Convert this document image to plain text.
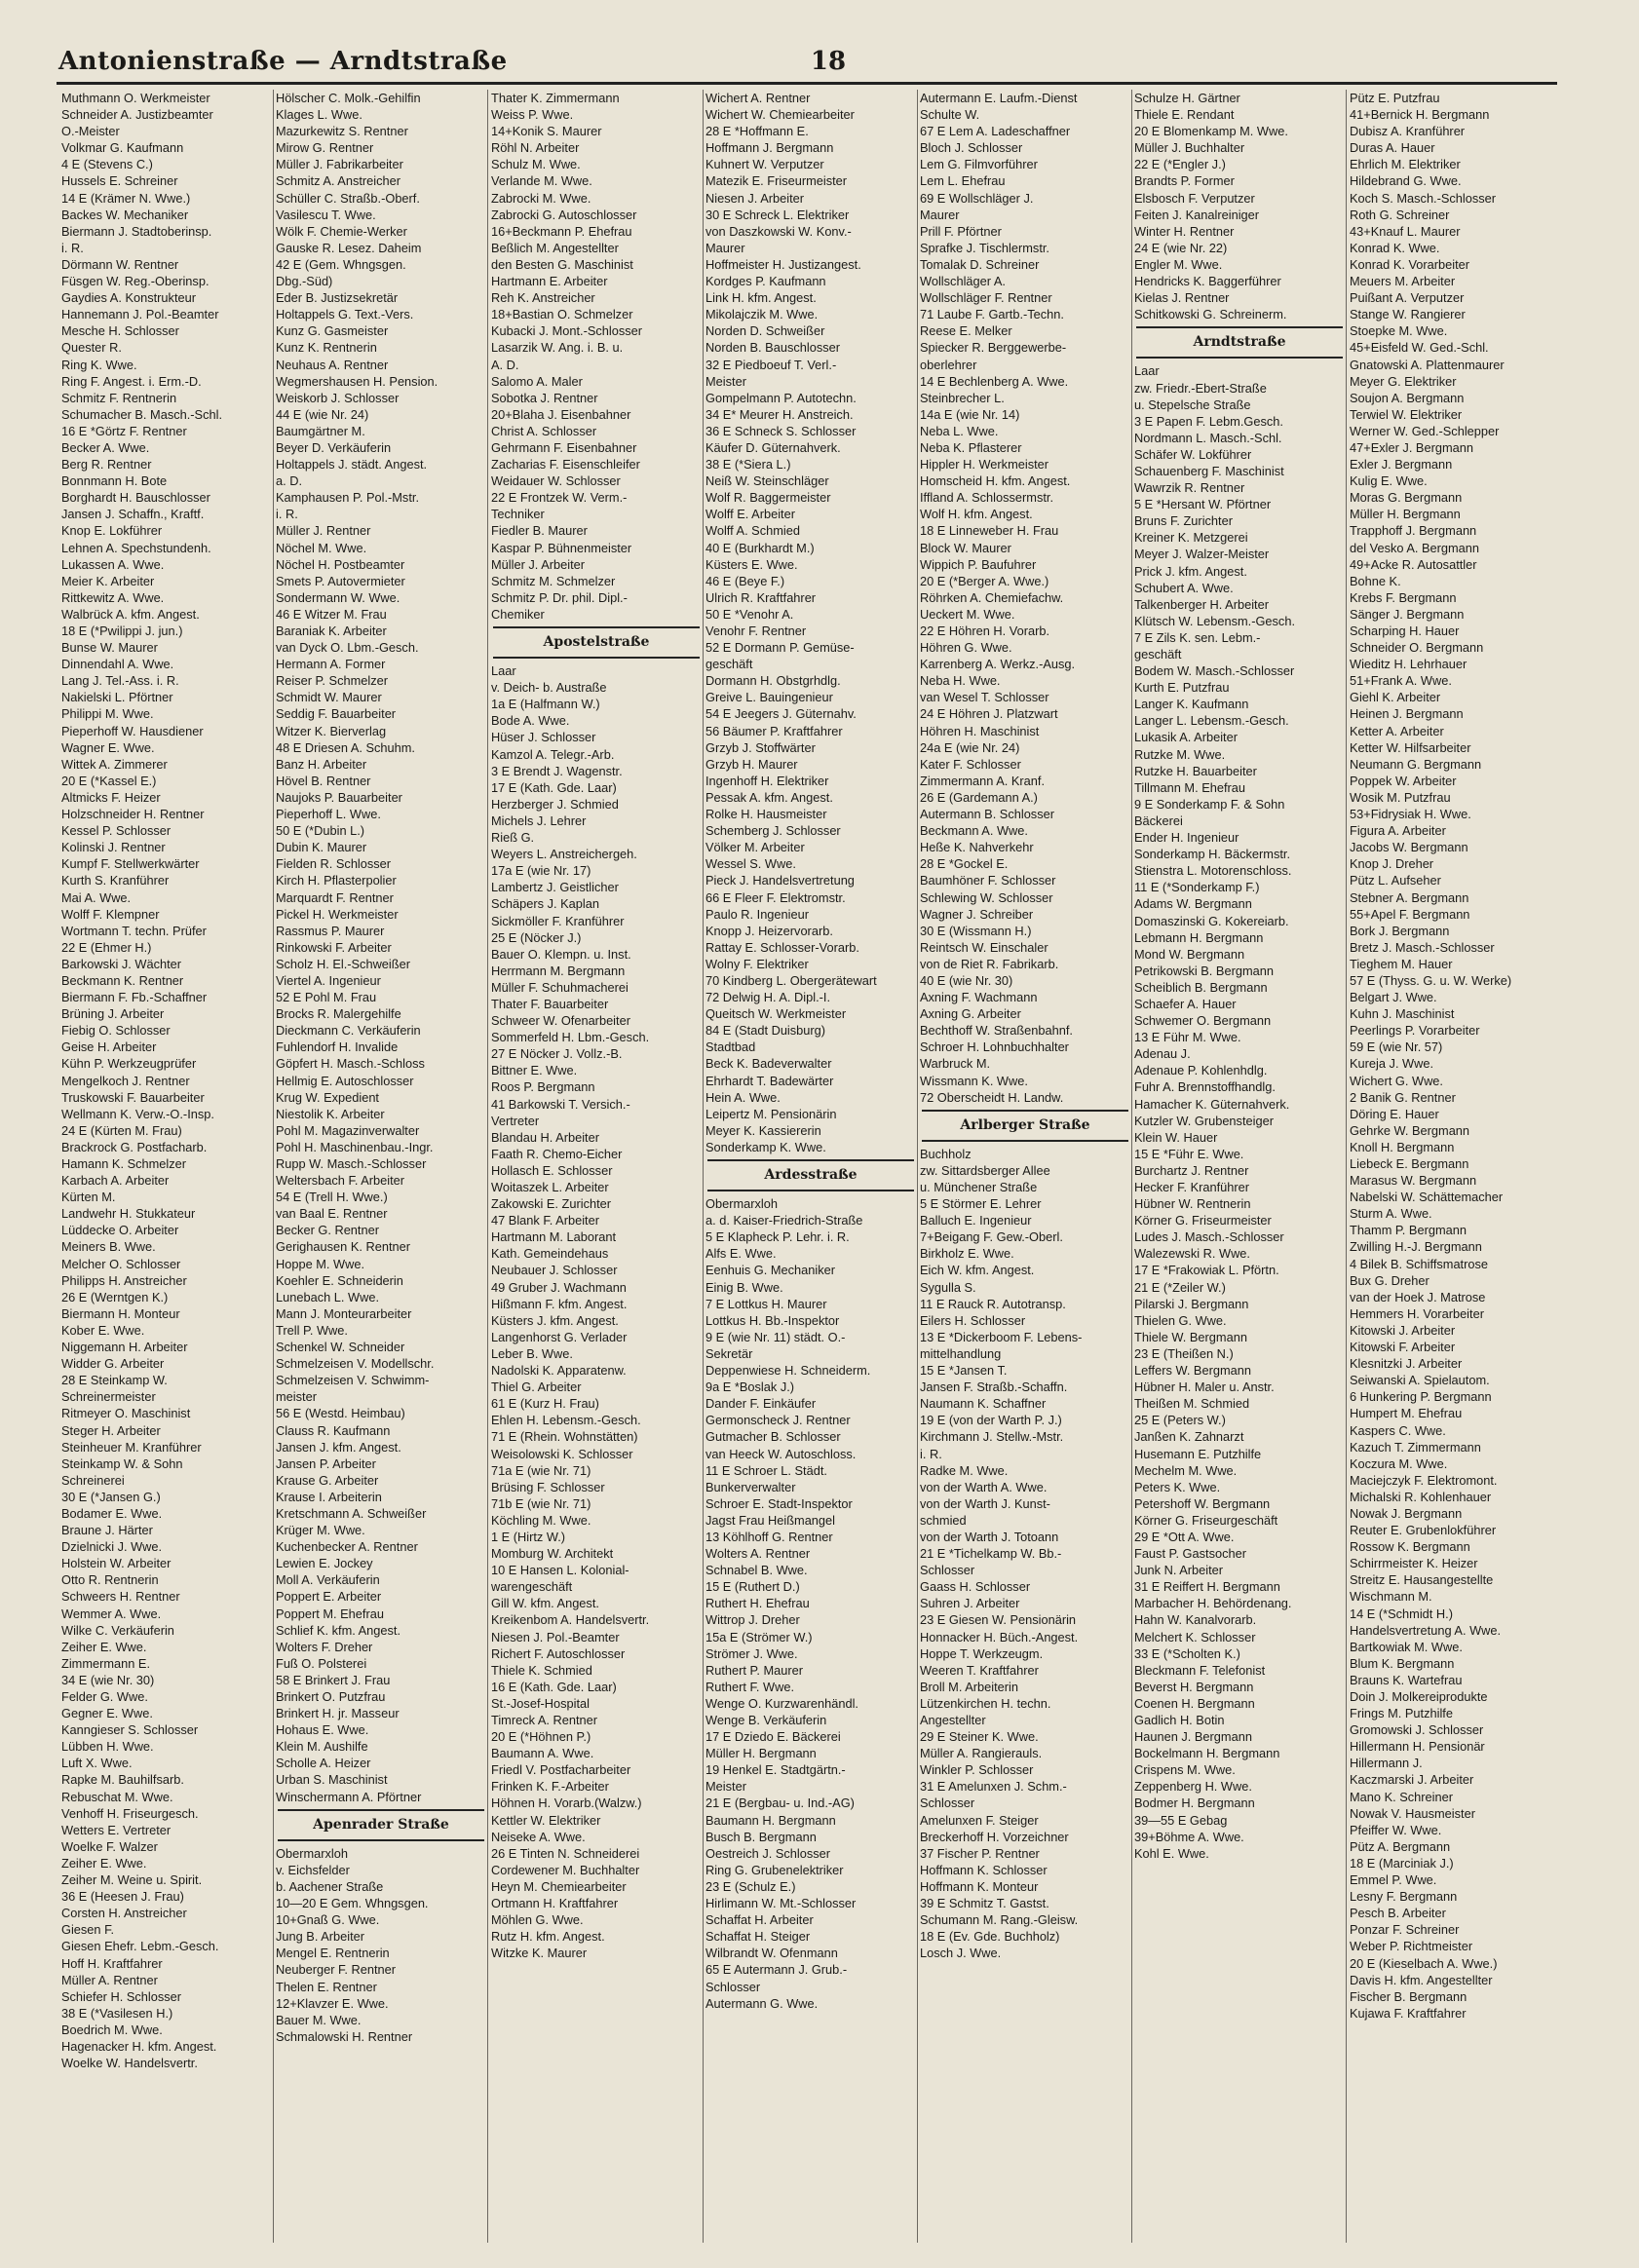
Antonienstraße — Arndtstraße	18
Muthmann O. Werkmeister
Schneider A. Justizbeamter
O.-Meister
Volkmar G. Kaufmann
4 E (Stevens C.)
Hussels E. Schreiner
14 E (Krämer N. Wwe.)
Backes W. Mechaniker
Biermann J. Stadtoberinsp.
i. R.
Dörmann W. Rentner
Füsgen W. Reg.-Oberinsp.
Gaydies A. Konstrukteur
Hannemann J. Pol.-Beamter
Mesche H. Schlosser
Quester R.
Ring K. Wwe.
Ring F. Angest. i. Erm.-D.
Schmitz F. Rentnerin
Schumacher B. Masch.-Schl.
16 E *Görtz F. Rentner
Becker A. Wwe.
Berg R. Rentner
Bonnmann H. Bote
Borghardt H. Bauschlosser
Jansen J. Schaffn., Kraftf.
Knop E. Lokführer
Lehnen A. Spechstundenh.
Lukassen A. Wwe.
Meier K. Arbeiter
Rittkewitz A. Wwe.
Walbrück A. kfm. Angest.
18 E (*Pwilippi J. jun.)
Bunse W. Maurer
Dinnendahl A. Wwe.
Lang J. Tel.-Ass. i. R.
Nakielski L. Pförtner
Philippi M. Wwe.
Pieperhoff W. Hausdiener
Wagner E. Wwe.
Wittek A. Zimmerer
20 E (*Kassel E.)
Altmicks F. Heizer
Holzschneider H. Rentner
Kessel P. Schlosser
Kolinski J. Rentner
Kumpf F. Stellwerkwärter
Kurth S. Kranführer
Mai A. Wwe.
Wolff F. Klempner
Wortmann T. techn. Prüfer
22 E (Ehmer H.)
Barkowski J. Wächter
Beckmann K. Rentner
Biermann F. Fb.-Schaffner
Brüning J. Arbeiter
Fiebig O. Schlosser
Geise H. Arbeiter
Kühn P. Werkzeugprüfer
Mengelkoch J. Rentner
Truskowski F. Bauarbeiter
Wellmann K. Verw.-O.-Insp.
24 E (Kürten M. Frau)
Brackrock G. Postfacharb.
Hamann K. Schmelzer
Karbach A. Arbeiter
Kürten M.
Landwehr H. Stukkateur
Lüddecke O. Arbeiter
Meiners B. Wwe.
Melcher O. Schlosser
Philipps H. Anstreicher
26 E (Werntgen K.)
Biermann H. Monteur
Kober E. Wwe.
Niggemann H. Arbeiter
Widder G. Arbeiter
28 E Steinkamp W.
Schreinermeister
Ritmeyer O. Maschinist
Steger H. Arbeiter
Steinheuer M. Kranführer
Steinkamp W. & Sohn
Schreinerei
30 E (*Jansen G.)
Bodamer E. Wwe.
Braune J. Härter
Dzielnicki J. Wwe.
Holstein W. Arbeiter
Otto R. Rentnerin
Schweers H. Rentner
Wemmer A. Wwe.
Wilke C. Verkäuferin
Zeiher E. Wwe.
Zimmermann E.
34 E (wie Nr. 30)
Felder G. Wwe.
Gegner E. Wwe.
Kanngieser S. Schlosser
Lübben H. Wwe.
Luft X. Wwe.
Rapke M. Bauhilfsarb.
Rebuschat M. Wwe.
Venhoff H. Friseurgesch.
Wetters E. Vertreter
Woelke F. Walzer
Zeiher E. Wwe.
Zeiher M. Weine u. Spirit.
36 E (Heesen J. Frau)
Corsten H. Anstreicher
Giesen F.
Giesen Ehefr. Lebm.-Gesch.
Hoff H. Kraftfahrer
Müller A. Rentner
Schiefer H. Schlosser
38 E (*Vasilesen H.)
Boedrich M. Wwe.
Hagenacker H. kfm. Angest.
Woelke W. Handelsvertr.
Hölscher C. Molk.-Gehilfin
Klages L. Wwe.
Mazurkewitz S. Rentner
Mirow G. Rentner
Müller J. Fabrikarbeiter
Schmitz A. Anstreicher
Schüller C. Straßb.-Oberf.
Vasilescu T. Wwe.
Wölk F. Chemie-Werker
Gauske R. Lesez. Daheim
42 E (Gem. Whngsgen.
Dbg.-Süd)
Eder B. Justizsekretär
Holtappels G. Text.-Vers.
Kunz G. Gasmeister
Kunz K. Rentnerin
Neuhaus A. Rentner
Wegmershausen H. Pension.
Weiskorb J. Schlosser
44 E (wie Nr. 24)
Baumgärtner M.
Beyer D. Verkäuferin
Holtappels J. städt. Angest.
a. D.
Kamphausen P. Pol.-Mstr.
i. R.
Müller J. Rentner
Nöchel M. Wwe.
Nöchel H. Postbeamter
Smets P. Autovermieter
Sondermann W. Wwe.
46 E Witzer M. Frau
Baraniak K. Arbeiter
van Dyck O. Lbm.-Gesch.
Hermann A. Former
Reiser P. Schmelzer
Schmidt W. Maurer
Seddig F. Bauarbeiter
Witzer K. Bierverlag
48 E Driesen A. Schuhm.
Banz H. Arbeiter
Hövel B. Rentner
Naujoks P. Bauarbeiter
Pieperhoff L. Wwe.
50 E (*Dubin L.)
Dubin K. Maurer
Fielden R. Schlosser
Kirch H. Pflasterpolier
Marquardt F. Rentner
Pickel H. Werkmeister
Rassmus P. Maurer
Rinkowski F. Arbeiter
Scholz H. El.-Schweißer
Viertel A. Ingenieur
52 E Pohl M. Frau
Brocks R. Malergehilfe
Dieckmann C. Verkäuferin
Fuhlendorf H. Invalide
Göpfert H. Masch.-Schloss
Hellmig E. Autoschlosser
Krug W. Expedient
Niestolik K. Arbeiter
Pohl M. Magazinverwalter
Pohl H. Maschinenbau.-Ingr.
Rupp W. Masch.-Schlosser
Weltersbach F. Arbeiter
54 E (Trell H. Wwe.)
van Baal E. Rentner
Becker G. Rentner
Gerighausen K. Rentner
Hoppe M. Wwe.
Koehler E. Schneiderin
Lunebach L. Wwe.
Mann J. Monteurarbeiter
Trell P. Wwe.
Schenkel W. Schneider
Schmelzeisen V. Modellschr.
Schmelzeisen V. Schwimm-
meister
56 E (Westd. Heimbau)
Clauss R. Kaufmann
Jansen J. kfm. Angest.
Jansen P. Arbeiter
Krause G. Arbeiter
Krause I. Arbeiterin
Kretschmann A. Schweißer
Krüger M. Wwe.
Kuchenbecker A. Rentner
Lewien E. Jockey
Moll A. Verkäuferin
Poppert E. Arbeiter
Poppert M. Ehefrau
Schlief K. kfm. Angest.
Wolters F. Dreher
Fuß O. Polsterei
58 E Brinkert J. Frau
Brinkert O. Putzfrau
Brinkert H. jr. Masseur
Hohaus E. Wwe.
Klein M. Aushilfe
Scholle A. Heizer
Urban S. Maschinist
Winschermann A. Pförtner
Apenrader Straße
Obermarxloh
v. Eichsfelder
b. Aachener Straße
10—20 E Gem. Whngsgen.
10+Gnaß G. Wwe.
Jung B. Arbeiter
Mengel E. Rentnerin
Neuberger F. Rentner
Thelen E. Rentner
12+Klavzer E. Wwe.
Bauer M. Wwe.
Schmalowski H. Rentner
Thater K. Zimmermann
Weiss P. Wwe.
14+Konik S. Maurer
Röhl N. Arbeiter
Schulz M. Wwe.
Verlande M. Wwe.
Zabrocki M. Wwe.
Zabrocki G. Autoschlosser
16+Beckmann P. Ehefrau
Beßlich M. Angestellter
den Besten G. Maschinist
Hartmann E. Arbeiter
Reh K. Anstreicher
18+Bastian O. Schmelzer
Kubacki J. Mont.-Schlosser
Lasarzik W. Ang. i. B. u.
A. D.
Salomo A. Maler
Sobotka J. Rentner
20+Blaha J. Eisenbahner
Christ A. Schlosser
Gehrmann F. Eisenbahner
Zacharias F. Eisenschleifer
Weidauer W. Schlosser
22 E Frontzek W. Verm.-
Techniker
Fiedler B. Maurer
Kaspar P. Bühnenmeister
Müller J. Arbeiter
Schmitz M. Schmelzer
Schmitz P. Dr. phil. Dipl.-
Chemiker
Apostelstraße
Laar
v. Deich- b. Austraße
1a E (Halfmann W.)
Bode A. Wwe.
Hüser J. Schlosser
Kamzol A. Telegr.-Arb.
3 E Brendt J. Wagenstr.
17 E (Kath. Gde. Laar)
Herzberger J. Schmied
Michels J. Lehrer
Rieß G.
Weyers L. Anstreichergeh.
17a E (wie Nr. 17)
Lambertz J. Geistlicher
Schäpers J. Kaplan
Sickmöller F. Kranführer
25 E (Nöcker J.)
Bauer O. Klempn. u. Inst.
Herrmann M. Bergmann
Müller F. Schuhmacherei
Thater F. Bauarbeiter
Schweer W. Ofenarbeiter
Sommerfeld H. Lbm.-Gesch.
27 E Nöcker J. Vollz.-B.
Bittner E. Wwe.
Roos P. Bergmann
41 Barkowski T. Versich.-
Vertreter
Blandau H. Arbeiter
Faath R. Chemo-Eicher
Hollasch E. Schlosser
Woitaszek L. Arbeiter
Zakowski E. Zurichter
47 Blank F. Arbeiter
Hartmann M. Laborant
Kath. Gemeindehaus
Neubauer J. Schlosser
49 Gruber J. Wachmann
Hißmann F. kfm. Angest.
Küsters J. kfm. Angest.
Langenhorst G. Verlader
Leber B. Wwe.
Nadolski K. Apparatenw.
Thiel G. Arbeiter
61 E (Kurz H. Frau)
Ehlen H. Lebensm.-Gesch.
71 E (Rhein. Wohnstätten)
Weisolowski K. Schlosser
71a E (wie Nr. 71)
Brüsing F. Schlosser
71b E (wie Nr. 71)
Köchling M. Wwe.
1 E (Hirtz W.)
Momburg W. Architekt
10 E Hansen L. Kolonial-
warengeschäft
Gill W. kfm. Angest.
Kreikenbom A. Handelsvertr.
Niesen J. Pol.-Beamter
Richert F. Autoschlosser
Thiele K. Schmied
16 E (Kath. Gde. Laar)
St.-Josef-Hospital
Timreck A. Rentner
20 E (*Höhnen P.)
Baumann A. Wwe.
Friedl V. Postfacharbeiter
Frinken K. F.-Arbeiter
Höhnen H. Vorarb.(Walzw.)
Kettler W. Elektriker
Neiseke A. Wwe.
26 E Tinten N. Schneiderei
Cordewener M. Buchhalter
Heyn M. Chemiearbeiter
Ortmann H. Kraftfahrer
Möhlen G. Wwe.
Rutz H. kfm. Angest.
Witzke K. Maurer
Wichert A. Rentner
Wichert W. Chemiearbeiter
28 E *Hoffmann E.
Hoffmann J. Bergmann
Kuhnert W. Verputzer
Matezik E. Friseurmeister
Niesen J. Arbeiter
30 E Schreck L. Elektriker
von Daszkowski W. Konv.-
Maurer
Hoffmeister H. Justizangest.
Kordges P. Kaufmann
Link H. kfm. Angest.
Mikolajczik M. Wwe.
Norden D. Schweißer
Norden B. Bauschlosser
32 E Piedboeuf T. Verl.-
Meister
Gompelmann P. Autotechn.
34 E* Meurer H. Anstreich.
36 E Schneck S. Schlosser
Käufer D. Güternahverk.
38 E (*Siera L.)
Neiß W. Steinschläger
Wolf R. Baggermeister
Wolff E. Arbeiter
Wolff A. Schmied
40 E (Burkhardt M.)
Küsters E. Wwe.
46 E (Beye F.)
Ulrich R. Kraftfahrer
50 E *Venohr A.
Venohr F. Rentner
52 E Dormann P. Gemüse-
geschäft
Dormann H. Obstgrhdlg.
Greive L. Bauingenieur
54 E Jeegers J. Güternahv.
56 Bäumer P. Kraftfahrer
Grzyb J. Stoffwärter
Grzyb H. Maurer
Ingenhoff H. Elektriker
Pessak A. kfm. Angest.
Rolke H. Hausmeister
Schemberg J. Schlosser
Völker M. Arbeiter
Wessel S. Wwe.
Pieck J. Handelsvertretung
66 E Fleer F. Elektromstr.
Paulo R. Ingenieur
Knopp J. Heizervorarb.
Rattay E. Schlosser-Vorarb.
Wolny F. Elektriker
70 Kindberg L. Obergerätewart
72 Delwig H. A. Dipl.-I.
Queitsch W. Werkmeister
84 E (Stadt Duisburg)
Stadtbad
Beck K. Badeverwalter
Ehrhardt T. Badewärter
Hein A. Wwe.
Leipertz M. Pensionärin
Meyer K. Kassiererin
Sonderkamp K. Wwe.
Ardesstraße
Obermarxloh
a. d. Kaiser-Friedrich-Straße
5 E Klapheck P. Lehr. i. R.
Alfs E. Wwe.
Eenhuis G. Mechaniker
Einig B. Wwe.
7 E Lottkus H. Maurer
Lottkus H. Bb.-Inspektor
9 E (wie Nr. 11) städt. O.-
Sekretär
Deppenwiese H. Schneiderm.
9a E *Boslak J.)
Dander F. Einkäufer
Germonscheck J. Rentner
Gutmacher B. Schlosser
van Heeck W. Autoschloss.
11 E Schroer L. Städt.
Bunkerverwalter
Schroer E. Stadt-Inspektor
Jagst Frau Heißmangel
13 Köhlhoff G. Rentner
Wolters A. Rentner
Schnabel B. Wwe.
15 E (Ruthert D.)
Ruthert H. Ehefrau
Wittrop J. Dreher
15a E (Strömer W.)
Strömer J. Wwe.
Ruthert P. Maurer
Ruthert F. Wwe.
Wenge O. Kurzwarenhändl.
Wenge B. Verkäuferin
17 E Dziedo E. Bäckerei
Müller H. Bergmann
19 Henkel E. Stadtgärtn.-
Meister
21 E (Bergbau- u. Ind.-AG)
Baumann H. Bergmann
Busch B. Bergmann
Oestreich J. Schlosser
Ring G. Grubenelektriker
23 E (Schulz E.)
Hirlimann W. Mt.-Schlosser
Schaffat H. Arbeiter
Schaffat H. Steiger
Wilbrandt W. Ofenmann
65 E Autermann J. Grub.-
Schlosser
Autermann G. Wwe.
Autermann E. Laufm.-Dienst
Schulte W.
67 E Lem A. Ladeschaffner
Bloch J. Schlosser
Lem G. Filmvorführer
Lem L. Ehefrau
69 E Wollschläger J.
Maurer
Prill F. Pförtner
Sprafke J. Tischlermstr.
Tomalak D. Schreiner
Wollschläger A.
Wollschläger F. Rentner
71 Laube F. Gartb.-Techn.
Reese E. Melker
Spiecker R. Berggewerbe-
oberlehrer
14 E Bechlenberg A. Wwe.
Steinbrecher L.
14a E (wie Nr. 14)
Neba L. Wwe.
Neba K. Pflasterer
Hippler H. Werkmeister
Homscheid H. kfm. Angest.
Iffland A. Schlossermstr.
Wolf H. kfm. Angest.
18 E Linneweber H. Frau
Block W. Maurer
Wippich P. Baufuhrer
20 E (*Berger A. Wwe.)
Röhrken A. Chemiefachw.
Ueckert M. Wwe.
22 E Höhren H. Vorarb.
Höhren G. Wwe.
Karrenberg A. Werkz.-Ausg.
Neba H. Wwe.
van Wesel T. Schlosser
24 E Höhren J. Platzwart
Höhren H. Maschinist
24a E (wie Nr. 24)
Kater F. Schlosser
Zimmermann A. Kranf.
26 E (Gardemann A.)
Autermann B. Schlosser
Beckmann A. Wwe.
Heße K. Nahverkehr
28 E *Gockel E.
Baumhöner F. Schlosser
Schlewing W. Schlosser
Wagner J. Schreiber
30 E (Wissmann H.)
Reintsch W. Einschaler
von de Riet R. Fabrikarb.
40 E (wie Nr. 30)
Axning F. Wachmann
Axning G. Arbeiter
Bechthoff W. Straßenbahnf.
Schroer H. Lohnbuchhalter
Warbruck M.
Wissmann K. Wwe.
72 Oberscheidt H. Landw.
Arlberger Straße
Buchholz
zw. Sittardsberger Allee
u. Münchener Straße
5 E Störmer E. Lehrer
Balluch E. Ingenieur
7+Beigang F. Gew.-Oberl.
Birkholz E. Wwe.
Eich W. kfm. Angest.
Sygulla S.
11 E Rauck R. Autotransp.
Eilers H. Schlosser
13 E *Dickerboom F. Lebens-
mittelhandlung
15 E *Jansen T.
Jansen F. Straßb.-Schaffn.
Naumann K. Schaffner
19 E (von der Warth P. J.)
Kirchmann J. Stellw.-Mstr.
i. R.
Radke M. Wwe.
von der Warth A. Wwe.
von der Warth J. Kunst-
schmied
von der Warth J. Totoann
21 E *Tichelkamp W. Bb.-
Schlosser
Gaass H. Schlosser
Suhren J. Arbeiter
23 E Giesen W. Pensionärin
Honnacker H. Büch.-Angest.
Hoppe T. Werkzeugm.
Weeren T. Kraftfahrer
Broll M. Arbeiterin
Lützenkirchen H. techn.
Angestellter
29 E Steiner K. Wwe.
Müller A. Rangierauls.
Winkler P. Schlosser
31 E Amelunxen J. Schm.-
Schlosser
Amelunxen F. Steiger
Breckerhoff H. Vorzeichner
37 Fischer P. Rentner
Hoffmann K. Schlosser
Hoffmann K. Monteur
39 E Schmitz T. Gastst.
Schumann M. Rang.-Gleisw.
18 E (Ev. Gde. Buchholz)
Losch J. Wwe.
Schulze H. Gärtner
Thiele E. Rendant
20 E Blomenkamp M. Wwe.
Müller J. Buchhalter
22 E (*Engler J.)
Brandts P. Former
Elsbosch F. Verputzer
Feiten J. Kanalreiniger
Winter H. Rentner
24 E (wie Nr. 22)
Engler M. Wwe.
Hendricks K. Baggerführer
Kielas J. Rentner
Schitkowski G. Schreinerm.
Arndtstraße
Laar
zw. Friedr.-Ebert-Straße
u. Stepelsche Straße
3 E Papen F. Lebm.Gesch.
Nordmann L. Masch.-Schl.
Schäfer W. Lokführer
Schauenberg F. Maschinist
Wawrzik R. Rentner
5 E *Hersant W. Pförtner
Bruns F. Zurichter
Kreiner K. Metzgerei
Meyer J. Walzer-Meister
Prick J. kfm. Angest.
Schubert A. Wwe.
Talkenberger H. Arbeiter
Klütsch W. Lebensm.-Gesch.
7 E Zils K. sen. Lebm.-
geschäft
Bodem W. Masch.-Schlosser
Kurth E. Putzfrau
Langer K. Kaufmann
Langer L. Lebensm.-Gesch.
Lukasik A. Arbeiter
Rutzke M. Wwe.
Rutzke H. Bauarbeiter
Tillmann M. Ehefrau
9 E Sonderkamp F. & Sohn
Bäckerei
Ender H. Ingenieur
Sonderkamp H. Bäckermstr.
Stienstra L. Motorenschloss.
11 E (*Sonderkamp F.)
Adams W. Bergmann
Domaszinski G. Kokereiarb.
Lebmann H. Bergmann
Mond W. Bergmann
Petrikowski B. Bergmann
Scheiblich B. Bergmann
Schaefer A. Hauer
Schwemer O. Bergmann
13 E Führ M. Wwe.
Adenau J.
Adenaue P. Kohlenhdlg.
Fuhr A. Brennstoffhandlg.
Hamacher K. Güternahverk.
Kutzler W. Grubensteiger
Klein W. Hauer
15 E *Führ E. Wwe.
Burchartz J. Rentner
Hecker F. Kranführer
Hübner W. Rentnerin
Körner G. Friseurmeister
Ludes J. Masch.-Schlosser
Walezewski R. Wwe.
17 E *Frakowiak L. Pförtn.
21 E (*Zeiler W.)
Pilarski J. Bergmann
Thielen G. Wwe.
Thiele W. Bergmann
23 E (Theißen N.)
Leffers W. Bergmann
Hübner H. Maler u. Anstr.
Theißen M. Schmied
25 E (Peters W.)
Janßen K. Zahnarzt
Husemann E. Putzhilfe
Mechelm M. Wwe.
Peters K. Wwe.
Petershoff W. Bergmann
Körner G. Friseurgeschäft
29 E *Ott A. Wwe.
Faust P. Gastsocher
Junk N. Arbeiter
31 E Reiffert H. Bergmann
Marbacher H. Behördenang.
Hahn W. Kanalvorarb.
Melchert K. Schlosser
33 E (*Scholten K.)
Bleckmann F. Telefonist
Beverst H. Bergmann
Coenen H. Bergmann
Gadlich H. Botin
Haunen J. Bergmann
Bockelmann H. Bergmann
Crispens M. Wwe.
Zeppenberg H. Wwe.
Bodmer H. Bergmann
39—55 E Gebag
39+Böhme A. Wwe.
Kohl E. Wwe.
Pütz E. Putzfrau
41+Bernick H. Bergmann
Dubisz A. Kranführer
Duras A. Hauer
Ehrlich M. Elektriker
Hildebrand G. Wwe.
Koch S. Masch.-Schlosser
Roth G. Schreiner
43+Knauf L. Maurer
Konrad K. Wwe.
Konrad K. Vorarbeiter
Meuers M. Arbeiter
Puißant A. Verputzer
Stange W. Rangierer
Stoepke M. Wwe.
45+Eisfeld W. Ged.-Schl.
Gnatowski A. Plattenmaurer
Meyer G. Elektriker
Soujon A. Bergmann
Terwiel W. Elektriker
Werner W. Ged.-Schlepper
47+Exler J. Bergmann
Exler J. Bergmann
Kulig E. Wwe.
Moras G. Bergmann
Müller H. Bergmann
Trapphoff J. Bergmann
del Vesko A. Bergmann
49+Acke R. Autosattler
Bohne K.
Krebs F. Bergmann
Sänger J. Bergmann
Scharping H. Hauer
Schneider O. Bergmann
Wieditz H. Lehrhauer
51+Frank A. Wwe.
Giehl K. Arbeiter
Heinen J. Bergmann
Ketter A. Arbeiter
Ketter W. Hilfsarbeiter
Neumann G. Bergmann
Poppek W. Arbeiter
Wosik M. Putzfrau
53+Fidrysiak H. Wwe.
Figura A. Arbeiter
Jacobs W. Bergmann
Knop J. Dreher
Pütz L. Aufseher
Stebner A. Bergmann
55+Apel F. Bergmann
Bork J. Bergmann
Bretz J. Masch.-Schlosser
Tieghem M. Hauer
57 E (Thyss. G. u. W. Werke)
Belgart J. Wwe.
Kuhn J. Maschinist
Peerlings P. Vorarbeiter
59 E (wie Nr. 57)
Kureja J. Wwe.
Wichert G. Wwe.
2 Banik G. Rentner
Döring E. Hauer
Gehrke W. Bergmann
Knoll H. Bergmann
Liebeck E. Bergmann
Marasus W. Bergmann
Nabelski W. Schättemacher
Sturm A. Wwe.
Thamm P. Bergmann
Zwilling H.-J. Bergmann
4 Bilek B. Schiffsmatrose
Bux G. Dreher
van der Hoek J. Matrose
Hemmers H. Vorarbeiter
Kitowski J. Arbeiter
Kitowski F. Arbeiter
Klesnitzki J. Arbeiter
Seiwanski A. Spielautom.
6 Hunkering P. Bergmann
Humpert M. Ehefrau
Kaspers C. Wwe.
Kazuch T. Zimmermann
Koczura M. Wwe.
Maciejczyk F. Elektromont.
Michalski R. Kohlenhauer
Nowak J. Bergmann
Reuter E. Grubenlokführer
Rossow K. Bergmann
Schirrmeister K. Heizer
Streitz E. Hausangestellte
Wischmann M.
14 E (*Schmidt H.)
Handelsvertretung A. Wwe.
Bartkowiak M. Wwe.
Blum K. Bergmann
Brauns K. Wartefrau
Doin J. Molkereiprodukte
Frings M. Putzhilfe
Gromowski J. Schlosser
Hillermann H. Pensionär
Hillermann J.
Kaczmarski J. Arbeiter
Mano K. Schreiner
Nowak V. Hausmeister
Pfeiffer W. Wwe.
Pütz A. Bergmann
18 E (Marciniak J.)
Emmel P. Wwe.
Lesny F. Bergmann
Pesch B. Arbeiter
Ponzar F. Schreiner
Weber P. Richtmeister
20 E (Kieselbach A. Wwe.)
Davis H. kfm. Angestellter
Fischer B. Bergmann
Kujawa F. Kraftfahrer
